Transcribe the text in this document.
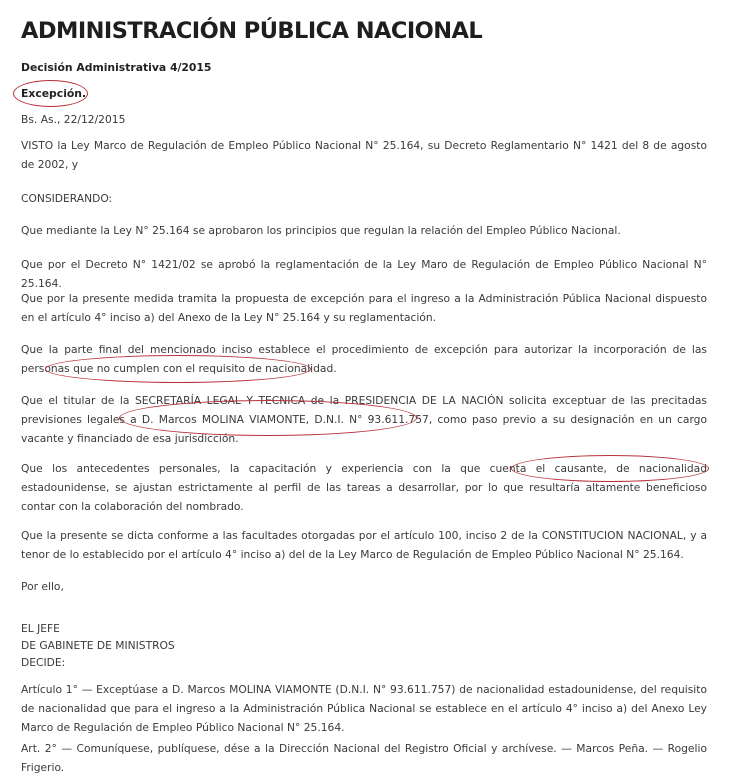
ADMINISTRACIÓN PÚBLICA NACIONAL

Decisión Administrativa 4/2015

Excepción.

Bs. As., 22/12/2015

VISTO la Ley Marco de Regulación de Empleo Público Nacional N° 25.164, su Decreto Reglamentario N° 1421 del 8 de agosto de 2002, y

CONSIDERANDO:

Que mediante la Ley N° 25.164 se aprobaron los principios que regulan la relación del Empleo Público Nacional.

Que por el Decreto N° 1421/02 se aprobó la reglamentación de la Ley Maro de Regulación de Empleo Público Nacional N° 25.164.

Que por la presente medida tramita la propuesta de excepción para el ingreso a la Administración Pública Nacional dispuesto en el artículo 4° inciso a) del Anexo de la Ley N° 25.164 y su reglamentación.

Que la parte final del mencionado inciso establece el procedimiento de excepción para autorizar la incorporación de las personas que no cumplen con el requisito de nacionalidad.

Que el titular de la SECRETARÍA LEGAL Y TECNICA de la PRESIDENCIA DE LA NACIÓN solicita exceptuar de las precitadas previsiones legales a D. Marcos MOLINA VIAMONTE, D.N.I. N° 93.611.757, como paso previo a su designación en un cargo vacante y financiado de esa jurisdicción.

Que los antecedentes personales, la capacitación y experiencia con la que cuenta el causante, de nacionalidad estadounidense, se ajustan estrictamente al perfil de las tareas a desarrollar, por lo que resultaría altamente beneficioso contar con la colaboración del nombrado.

Que la presente se dicta conforme a las facultades otorgadas por el artículo 100, inciso 2 de la CONSTITUCION NACIONAL, y a tenor de lo establecido por el artículo 4° inciso a) del de la Ley Marco de Regulación de Empleo Público Nacional N° 25.164.

Por ello,

EL JEFE

DE GABINETE DE MINISTROS

DECIDE:

Artículo 1° — Exceptúase a D. Marcos MOLINA VIAMONTE (D.N.I. N° 93.611.757) de nacionalidad estadounidense, del requisito de nacionalidad que para el ingreso a la Administración Pública Nacional se establece en el artículo 4° inciso a) del Anexo Ley Marco de Regulación de Empleo Público Nacional N° 25.164.

Art. 2° — Comuníquese, publíquese, dése a la Dirección Nacional del Registro Oficial y archívese. — Marcos Peña. — Rogelio Frigerio.
